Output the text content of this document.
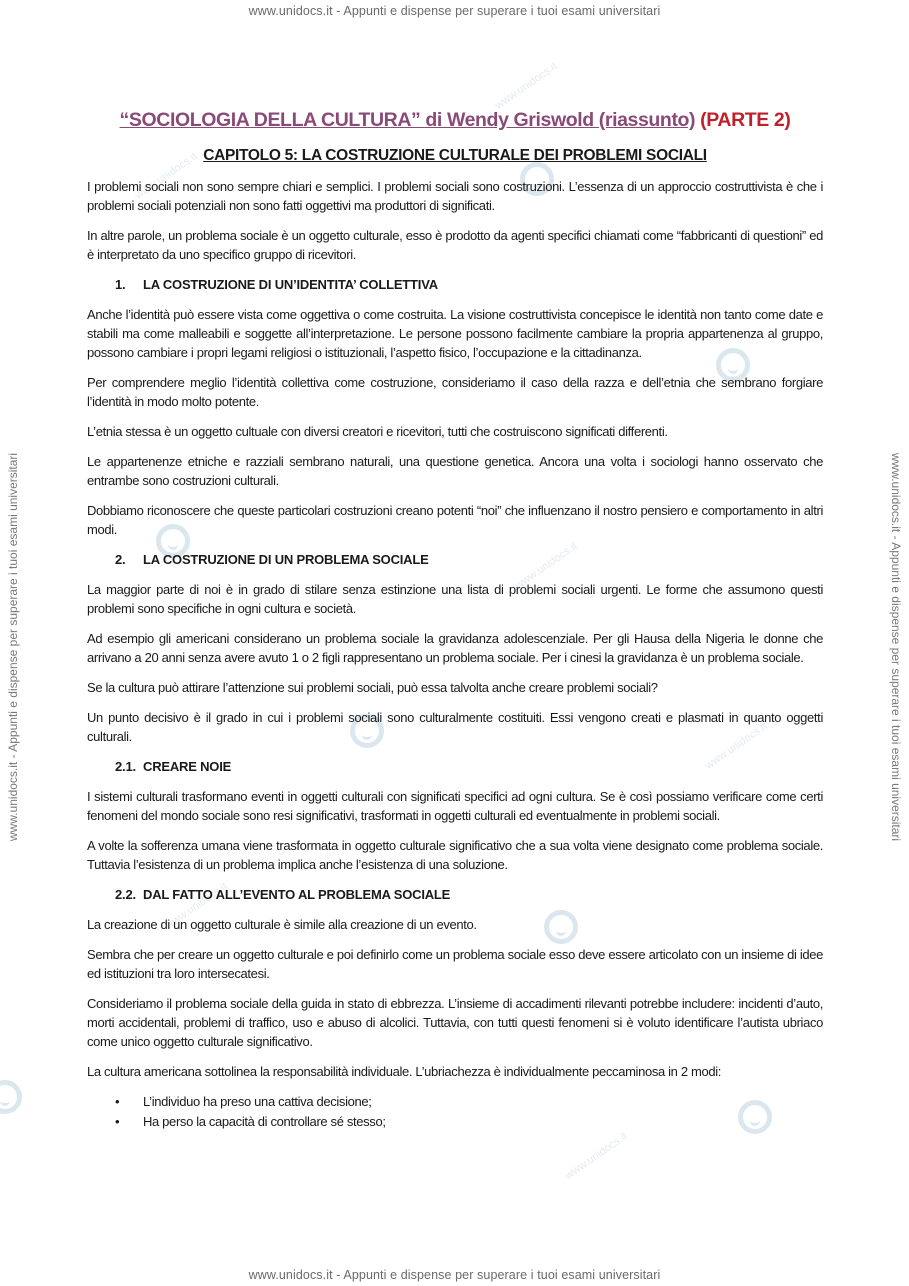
www.unidocs.it - Appunti e dispense per superare i tuoi esami universitari
www.unidocs.it - Appunti e dispense per superare i tuoi esami universitari
www.unidocs.it - Appunti e dispense per superare i tuoi esami universitari	www.unidocs.it - Appunti e dispense per superare i tuoi esami universitari
www.unidocs.it
www.unidocs.it
www.unidocs.it
www.unidocs.it
www.unidocs.it
www.unidocs.it
“SOCIOLOGIA DELLA CULTURA” di Wendy Griswold (riassunto) (PARTE 2)
CAPITOLO 5: LA COSTRUZIONE CULTURALE DEI PROBLEMI SOCIALI

I problemi sociali non sono sempre chiari e semplici. I problemi sociali sono costruzioni. L’essenza di un approccio costruttivista è che i problemi sociali potenziali non sono fatti oggettivi ma produttori di significati.

In altre parole, un problema sociale è un oggetto culturale, esso è prodotto da agenti specifici chiamati come “fabbricanti di questioni” ed è interpretato da uno specifico gruppo di ricevitori.

1. LA COSTRUZIONE DI UN’IDENTITA’ COLLETTIVA

Anche l’identità può essere vista come oggettiva o come costruita. La visione costruttivista concepisce le identità non tanto come date e stabili ma come malleabili e soggette all’interpretazione. Le persone possono facilmente cambiare la propria appartenenza al gruppo, possono cambiare i propri legami religiosi o istituzionali, l’aspetto fisico, l’occupazione e la cittadinanza.

Per comprendere meglio l’identità collettiva come costruzione, consideriamo il caso della razza e dell’etnia che sembrano forgiare l’identità in modo molto potente.

L’etnia stessa è un oggetto cultuale con diversi creatori e ricevitori, tutti che costruiscono significati differenti.

Le appartenenze etniche e razziali sembrano naturali, una questione genetica. Ancora una volta i sociologi hanno osservato che entrambe sono costruzioni culturali.

Dobbiamo riconoscere che queste particolari costruzioni creano potenti “noi” che influenzano il nostro pensiero e comportamento in altri modi.

2. LA COSTRUZIONE DI UN PROBLEMA SOCIALE

La maggior parte di noi è in grado di stilare senza estinzione una lista di problemi sociali urgenti. Le forme che assumono questi problemi sono specifiche in ogni cultura e società.

Ad esempio gli americani considerano un problema sociale la gravidanza adolescenziale. Per gli Hausa della Nigeria le donne che arrivano a 20 anni senza avere avuto 1 o 2 figli rappresentano un problema sociale. Per i cinesi la gravidanza è un problema sociale.

Se la cultura può attirare l’attenzione sui problemi sociali, può essa talvolta anche creare problemi sociali?

Un punto decisivo è il grado in cui i problemi sociali sono culturalmente costituiti. Essi vengono creati e plasmati in quanto oggetti culturali.

2.1. CREARE NOIE

I sistemi culturali trasformano eventi in oggetti culturali con significati specifici ad ogni cultura. Se è così possiamo verificare come certi fenomeni del mondo sociale sono resi significativi, trasformati in oggetti culturali ed eventualmente in problemi sociali.

A volte la sofferenza umana viene trasformata in oggetto culturale significativo che a sua volta viene designato come problema sociale. Tuttavia l’esistenza di un problema implica anche l’esistenza di una soluzione.

2.2. DAL FATTO ALL’EVENTO AL PROBLEMA SOCIALE

La creazione di un oggetto culturale è simile alla creazione di un evento.

Sembra che per creare un oggetto culturale e poi definirlo come un problema sociale esso deve essere articolato con un insieme di idee ed istituzioni tra loro intersecatesi.

Consideriamo il problema sociale della guida in stato di ebbrezza. L’insieme di accadimenti rilevanti potrebbe includere: incidenti d’auto, morti accidentali, problemi di traffico, uso e abuso di alcolici. Tuttavia, con tutti questi fenomeni si è voluto identificare l’autista ubriaco come unico oggetto culturale significativo.

La cultura americana sottolinea la responsabilità individuale. L’ubriachezza è individualmente peccaminosa in 2 modi:

• L’individuo ha preso una cattiva decisione;
• Ha perso la capacità di controllare sé stesso;
